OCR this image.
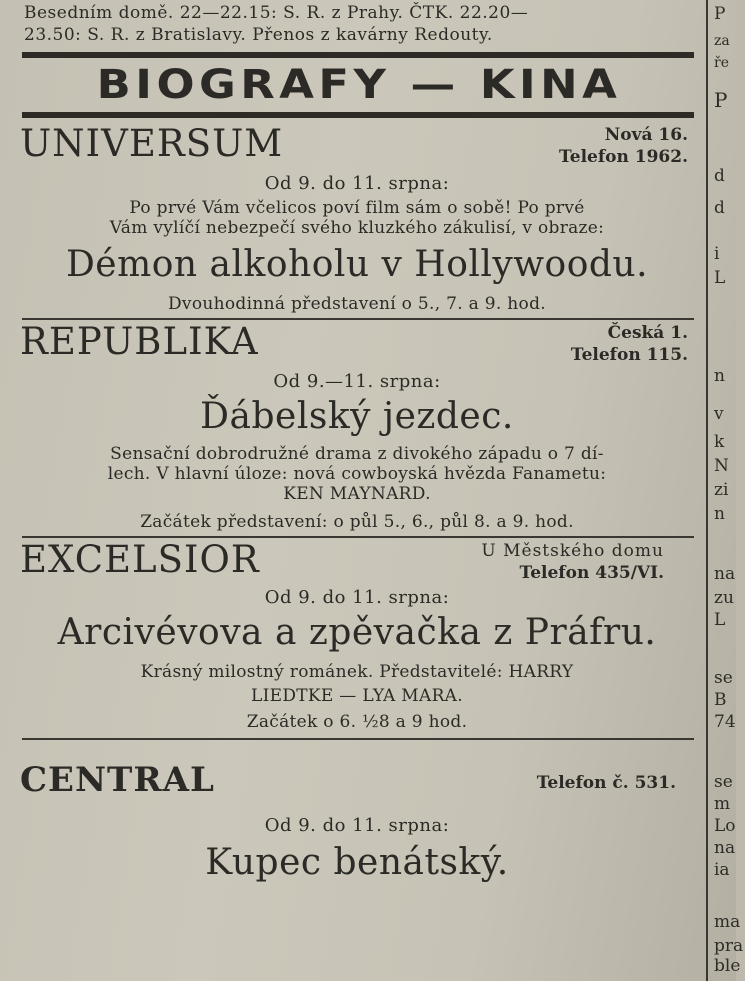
Besedním domě. 22—22.15: S. R. z Prahy. ČTK. 22.20—
23.50: S. R. z Bratislavy. Přenos z kavárny Redouty.
BIOGRAFY — KINA
UNIVERSUM	Nová 16.
Telefon 1962.
Od 9. do 11. srpna:
Po prvé Vám včelicos poví film sám o sobě! Po prvé
Vám vylíčí nebezpečí svého kluzkého zákulisí, v obraze:
Démon alkoholu v Hollywoodu.
Dvouhodinná představení o 5., 7. a 9. hod.
REPUBLIKA	Česká 1.
Telefon 115.
Od 9.—11. srpna:
Ďábelský jezdec.
Sensační dobrodružné drama z divokého západu o 7 dí-
lech. V hlavní úloze: nová cowboyská hvězda Fanametu:
KEN MAYNARD.
Začátek představení: o půl 5., 6., půl 8. a 9. hod.
EXCELSIOR	U Městského domu
Telefon 435/VI.
Od 9. do 11. srpna:
Arcivévova a zpěvačka z Práfru.
Krásný milostný románek. Představitelé: HARRY
LIEDTKE — LYA MARA.
Začátek o 6. ½8 a 9 hod.
CENTRAL	Telefon č. 531.
Od 9. do 11. srpna:
Kupec benátský.
P
za
ře
P
d
d
i
L
n
v
k
N
zi
n
na
zu
L
se
B
74
se
m
Lo
na
ia
ma
pra
ble
